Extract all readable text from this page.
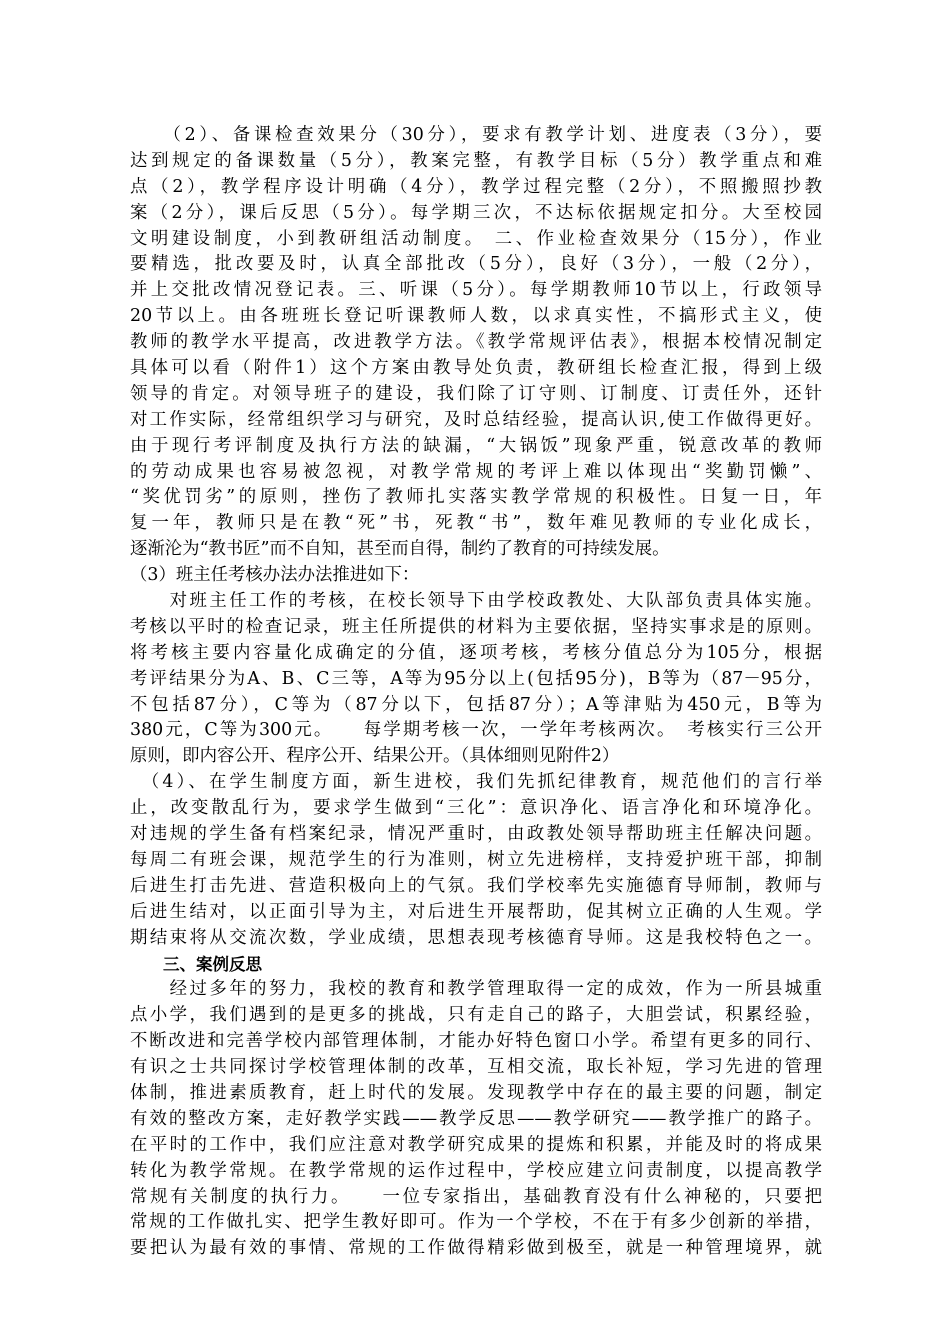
　　（2）、备课检查效果分（30分），要求有教学计划、进度表（3分），要
达到规定的备课数量（5分），教案完整，有教学目标（5分）教学重点和难
点（2），教学程序设计明确（4分），教学过程完整（2分），不照搬照抄教
案（2分），课后反思（5分）。每学期三次，不达标依据规定扣分。大至校园
文明建设制度，小到教研组活动制度。 二、作业检查效果分（15分），作业
要精选，批改要及时，认真全部批改（5分），良好（3分），一般（2分），
并上交批改情况登记表。三、听课（5分）。每学期教师10节以上，行政领导
20节以上。由各班班长登记听课教师人数，以求真实性，不搞形式主义，使
教师的教学水平提高，改进教学方法。《教学常规评估表》，根据本校情况制定
具体可以看（附件1）这个方案由教导处负责，教研组长检查汇报，得到上级
领导的肯定。对领导班子的建设，我们除了订守则、订制度、订责任外，还针
对工作实际，经常组织学习与研究，及时总结经验，提高认识,使工作做得更好。
由于现行考评制度及执行方法的缺漏，“大锅饭”现象严重，锐意改革的教师
的劳动成果也容易被忽视，对教学常规的考评上难以体现出“奖勤罚懒”、
“奖优罚劣”的原则，挫伤了教师扎实落实教学常规的积极性。日复一日，年
复一年，教师只是在教“死”书，死教“书”，数年难见教师的专业化成长，
逐渐沦为“教书匠”而不自知，甚至而自得，制约了教育的可持续发展。
（3）班主任考核办法办法推进如下：
　　对班主任工作的考核，在校长领导下由学校政教处、大队部负责具体实施。
考核以平时的检查记录，班主任所提供的材料为主要依据，坚持实事求是的原则。
将考核主要内容量化成确定的分值，逐项考核，考核分值总分为105分，根据
考评结果分为A、B、C三等，A等为95分以上(包括95分)，B等为（87－95分，
不包括87分），C等为（87分以下，包括87分）；A等津贴为450元，B等为
380元，C等为300元。　　每学期考核一次，一学年考核两次。　考核实行三公开
原则，即内容公开、程序公开、结果公开。（具体细则见附件2）
　（4）、在学生制度方面，新生进校，我们先抓纪律教育，规范他们的言行举
止，改变散乱行为，要求学生做到“三化”：意识净化、语言净化和环境净化。
对违规的学生备有档案纪录，情况严重时，由政教处领导帮助班主任解决问题。
每周二有班会课，规范学生的行为准则，树立先进榜样，支持爱护班干部，抑制
后进生打击先进、营造积极向上的气氛。我们学校率先实施德育导师制，教师与
后进生结对，以正面引导为主，对后进生开展帮助，促其树立正确的人生观。学
期结束将从交流次数，学业成绩，思想表现考核德育导师。这是我校特色之一。
　　三、案例反思
　　经过多年的努力，我校的教育和教学管理取得一定的成效，作为一所县城重
点小学，我们遇到的是更多的挑战，只有走自己的路子，大胆尝试，积累经验，
不断改进和完善学校内部管理体制，才能办好特色窗口小学。希望有更多的同行、
有识之士共同探讨学校管理体制的改革，互相交流，取长补短，学习先进的管理
体制，推进素质教育，赶上时代的发展。发现教学中存在的最主要的问题，制定
有效的整改方案，走好教学实践——教学反思——教学研究——教学推广的路子。
在平时的工作中，我们应注意对教学研究成果的提炼和积累，并能及时的将成果
转化为教学常规。在教学常规的运作过程中，学校应建立问责制度，以提高教学
常规有关制度的执行力。　　一位专家指出，基础教育没有什么神秘的，只要把
常规的工作做扎实、把学生教好即可。作为一个学校，不在于有多少创新的举措，
要把认为最有效的事情、常规的工作做得精彩做到极至，就是一种管理境界，就
